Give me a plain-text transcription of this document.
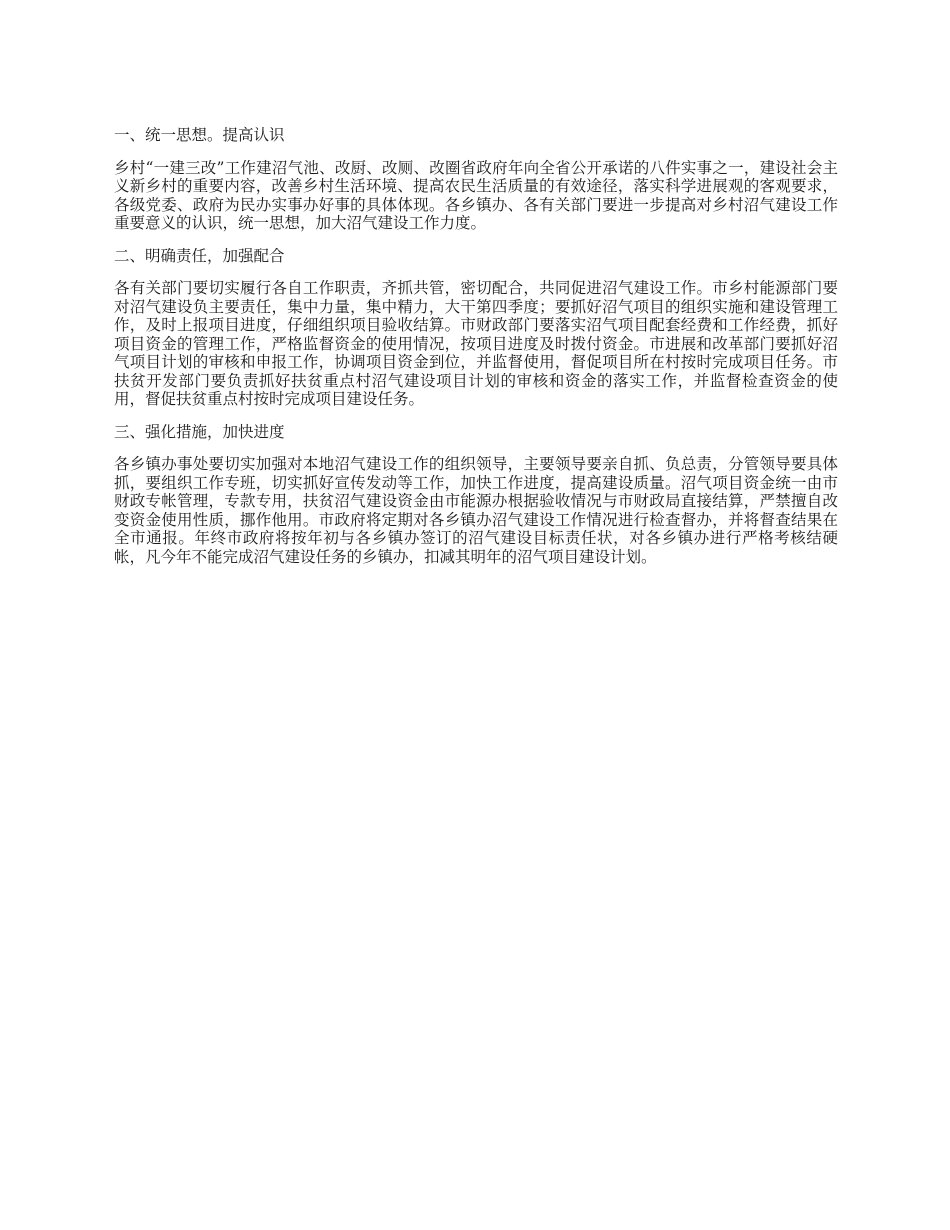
一、统一思想。提高认识

乡村“一建三改”工作建沼气池、改厨、改厕、改圈省政府年向全省公开承诺的八件实事之一，建设社会主义新乡村的重要内容，改善乡村生活环境、提高农民生活质量的有效途径，落实科学进展观的客观要求，各级党委、政府为民办实事办好事的具体体现。各乡镇办、各有关部门要进一步提高对乡村沼气建设工作重要意义的认识，统一思想，加大沼气建设工作力度。

二、明确责任，加强配合

各有关部门要切实履行各自工作职责，齐抓共管，密切配合，共同促进沼气建设工作。市乡村能源部门要对沼气建设负主要责任，集中力量，集中精力，大干第四季度；要抓好沼气项目的组织实施和建设管理工作，及时上报项目进度，仔细组织项目验收结算。市财政部门要落实沼气项目配套经费和工作经费，抓好项目资金的管理工作，严格监督资金的使用情况，按项目进度及时拨付资金。市进展和改革部门要抓好沼气项目计划的审核和申报工作，协调项目资金到位，并监督使用，督促项目所在村按时完成项目任务。市扶贫开发部门要负责抓好扶贫重点村沼气建设项目计划的审核和资金的落实工作，并监督检查资金的使用，督促扶贫重点村按时完成项目建设任务。

三、强化措施，加快进度

各乡镇办事处要切实加强对本地沼气建设工作的组织领导，主要领导要亲自抓、负总责，分管领导要具体抓，要组织工作专班，切实抓好宣传发动等工作，加快工作进度，提高建设质量。沼气项目资金统一由市财政专帐管理，专款专用，扶贫沼气建设资金由市能源办根据验收情况与市财政局直接结算，严禁擅自改变资金使用性质，挪作他用。市政府将定期对各乡镇办沼气建设工作情况进行检查督办，并将督查结果在全市通报。年终市政府将按年初与各乡镇办签订的沼气建设目标责任状，对各乡镇办进行严格考核结硬帐，凡今年不能完成沼气建设任务的乡镇办，扣减其明年的沼气项目建设计划。
